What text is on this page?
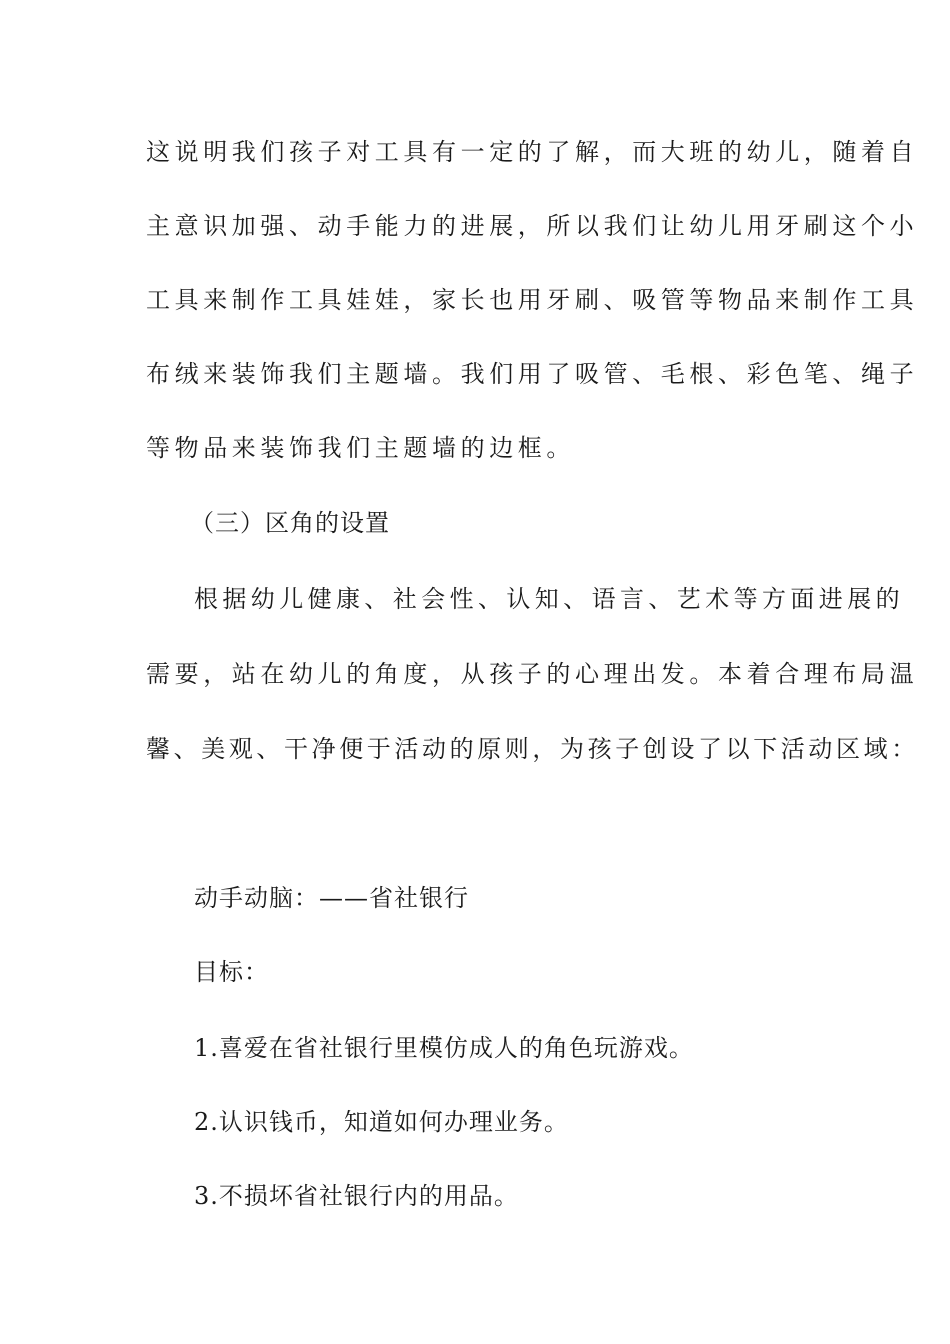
这说明我们孩子对工具有一定的了解，而大班的幼儿，随着自
主意识加强、动手能力的进展，所以我们让幼儿用牙刷这个小
工具来制作工具娃娃，家长也用牙刷、吸管等物品来制作工具
布绒来装饰我们主题墙。我们用了吸管、毛根、彩色笔、绳子
等物品来装饰我们主题墙的边框。
（三）区角的设置
根据幼儿健康、社会性、认知、语言、艺术等方面进展的
需要，站在幼儿的角度，从孩子的心理出发。本着合理布局温
馨、美观、干净便于活动的原则，为孩子创设了以下活动区域：
动手动脑：——省社银行
目标：
1.喜爱在省社银行里模仿成人的角色玩游戏。
2.认识钱币，知道如何办理业务。
3.不损坏省社银行内的用品。
